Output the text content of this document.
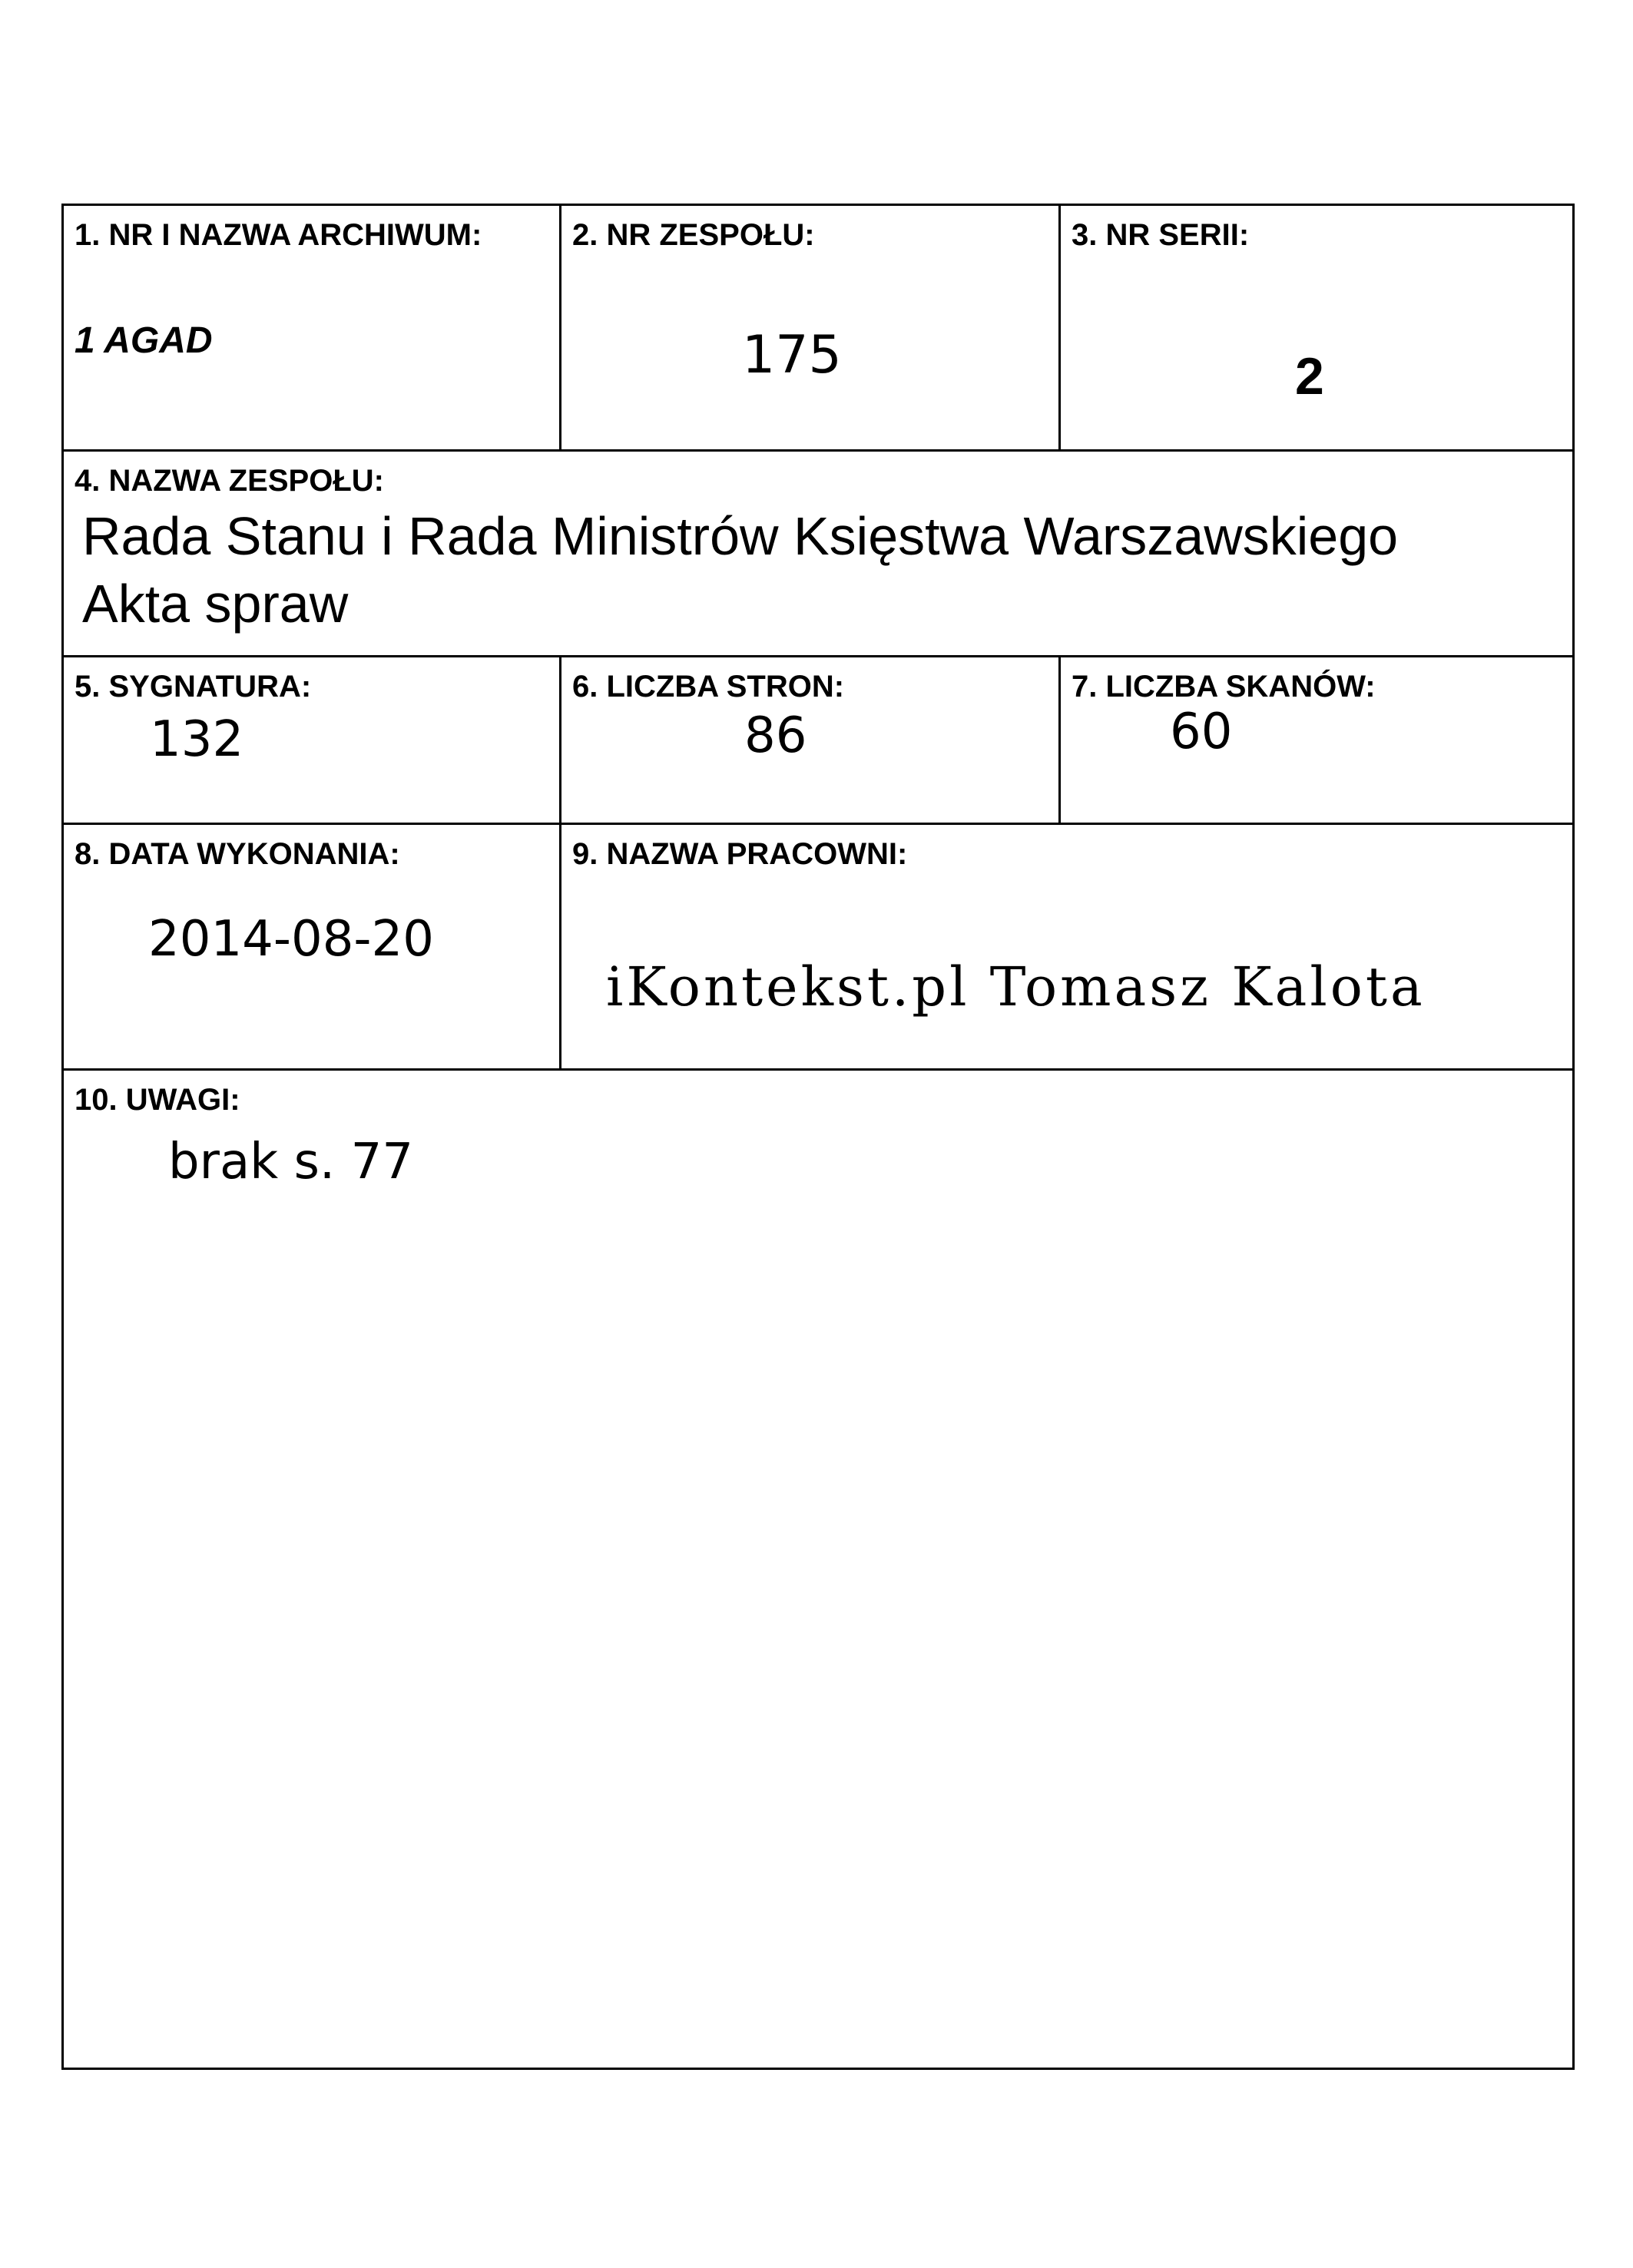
1. NR I NAZWA ARCHIWUM:
1 AGAD
2. NR ZESPOŁU:
175
3. NR SERII:
2
4. NAZWA ZESPOŁU:
Rada Stanu i Rada Ministrów Księstwa Warszawskiego
Akta spraw
5. SYGNATURA:
132
6. LICZBA STRON:
86
7. LICZBA SKANÓW:
60
8. DATA WYKONANIA:
2014-08-20
9. NAZWA PRACOWNI:
iKontekst.pl Tomasz Kalota
10. UWAGI:
brak s. 77
